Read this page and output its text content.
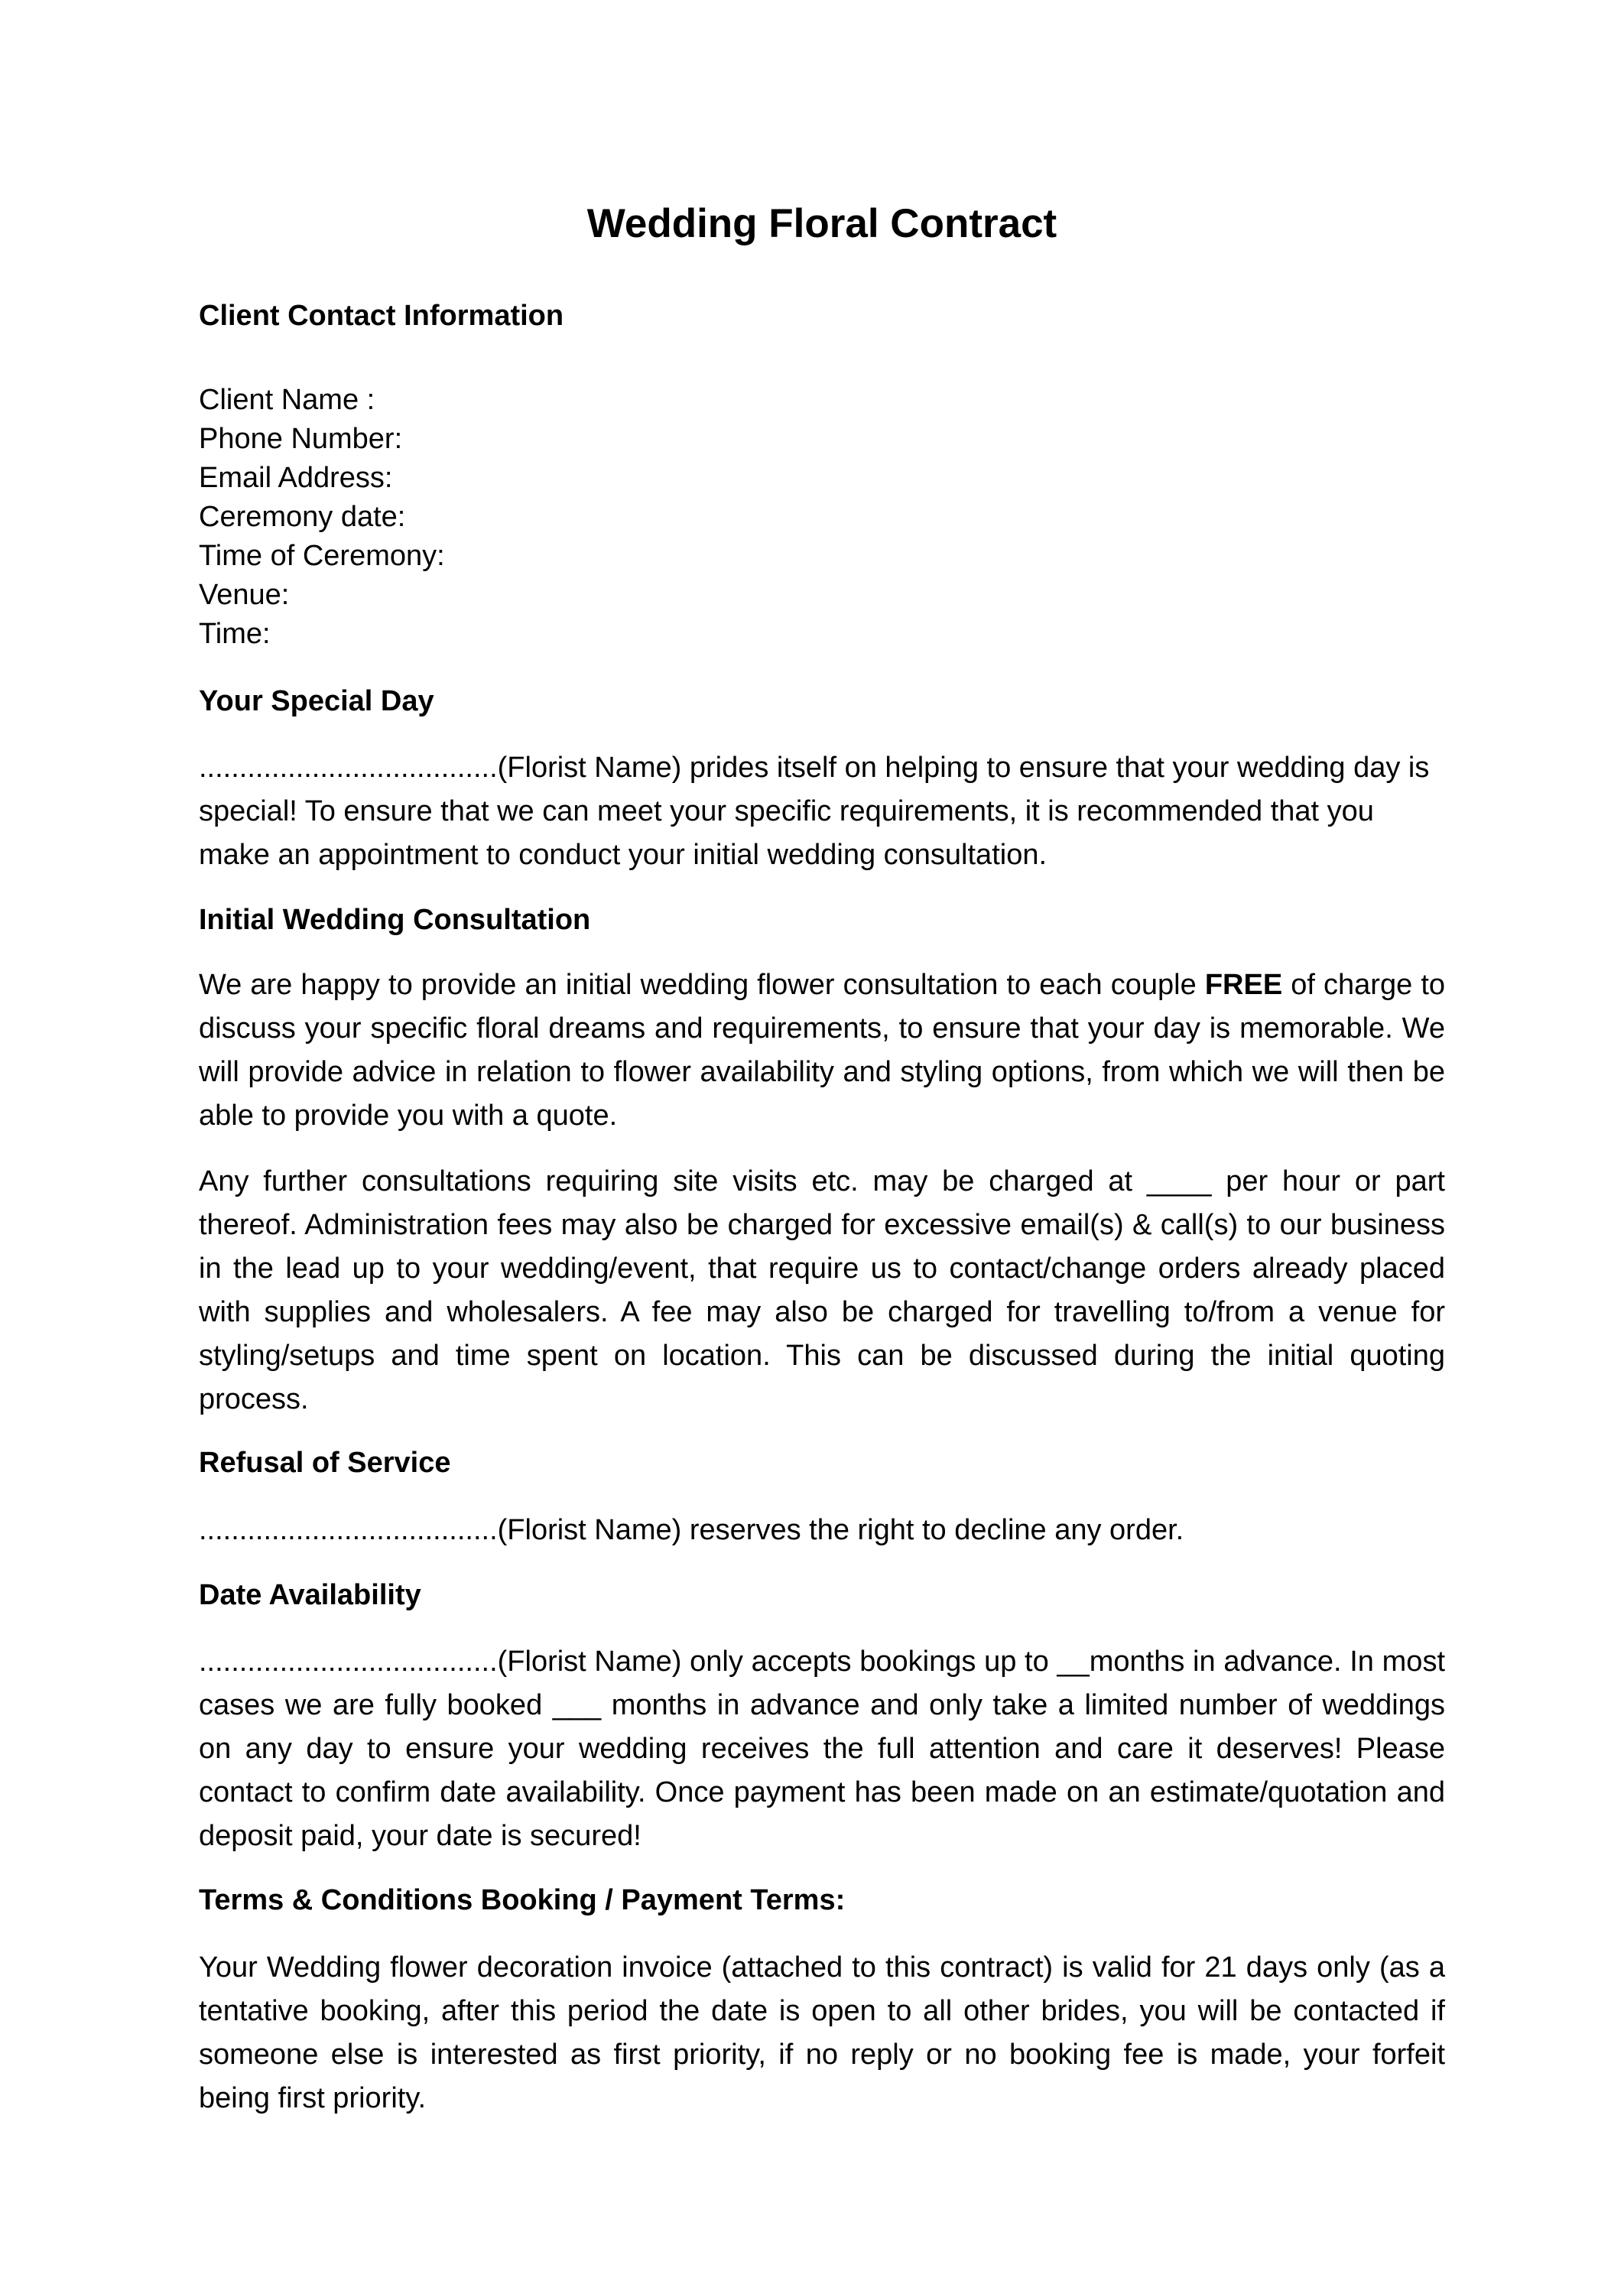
Wedding Floral Contract
Client Contact Information
Client Name :
Phone Number:
Email Address:
Ceremony date:
Time of Ceremony:
Venue:
Time:
Your Special Day

.....................................(Florist Name) prides itself on helping to ensure that your wedding day is special! To ensure that we can meet your specific requirements, it is recommended that you make an appointment to conduct your initial wedding consultation.

Initial Wedding Consultation

We are happy to provide an initial wedding flower consultation to each couple FREE of charge to discuss your specific floral dreams and requirements, to ensure that your day is memorable. We will provide advice in relation to flower availability and styling options, from which we will then be able to provide you with a quote.

Any further consultations requiring site visits etc. may be charged at ____ per hour or part thereof. Administration fees may also be charged for excessive email(s) & call(s) to our business in the lead up to your wedding/event, that require us to contact/change orders already placed with supplies and wholesalers. A fee may also be charged for travelling to/from a venue for styling/setups and time spent on location. This can be discussed during the initial quoting process.

Refusal of Service

.....................................(Florist Name) reserves the right to decline any order.

Date Availability

.....................................(Florist Name) only accepts bookings up to __months in advance. In most cases we are fully booked ___ months in advance and only take a limited number of weddings on any day to ensure your wedding receives the full attention and care it deserves! Please contact to confirm date availability. Once payment has been made on an estimate/quotation and deposit paid, your date is secured!

Terms & Conditions Booking / Payment Terms:

Your Wedding flower decoration invoice (attached to this contract) is valid for 21 days only (as a tentative booking, after this period the date is open to all other brides, you will be contacted if someone else is interested as first priority, if no reply or no booking fee is made, your forfeit being first priority.
